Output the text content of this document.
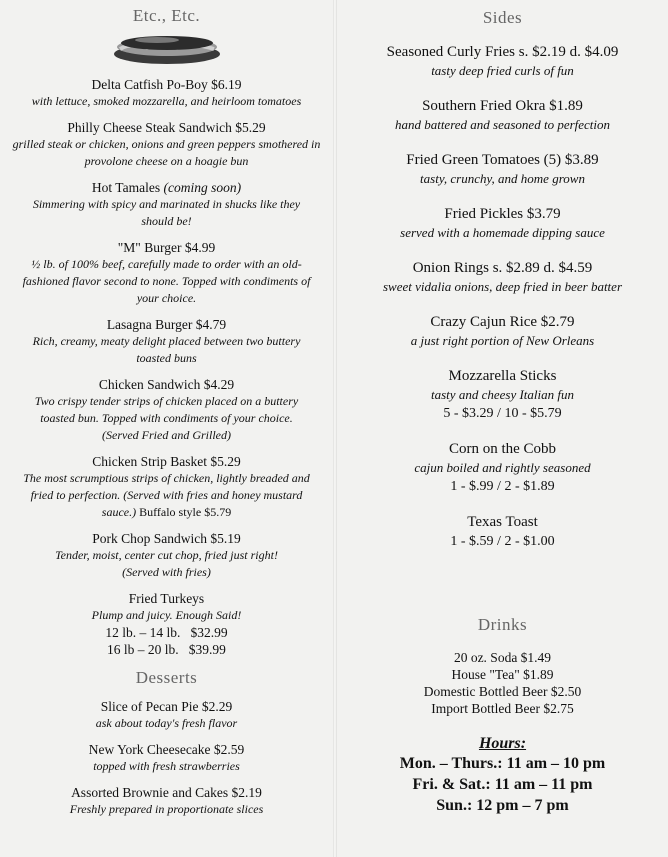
Etc., Etc.
Delta Catfish Po-Boy $6.19
with lettuce, smoked mozzarella, and heirloom tomatoes
Philly Cheese Steak Sandwich $5.29
grilled steak or chicken, onions and green peppers smothered in provolone cheese on a hoagie bun
Hot Tamales (coming soon)
Simmering with spicy and marinated in shucks like they should be!
"M" Burger $4.99
½ lb. of 100% beef, carefully made to order with an old-fashioned flavor second to none. Topped with condiments of your choice.
Lasagna Burger $4.79
Rich, creamy, meaty delight placed between two buttery toasted buns
Chicken Sandwich $4.29
Two crispy tender strips of chicken placed on a buttery toasted bun. Topped with condiments of your choice. (Served Fried and Grilled)
Chicken Strip Basket $5.29
The most scrumptious strips of chicken, lightly breaded and fried to perfection. (Served with fries and honey mustard sauce.) Buffalo style $5.79
Pork Chop Sandwich $5.19
Tender, moist, center cut chop, fried just right! (Served with fries)
Fried Turkeys
Plump and juicy. Enough Said!
12 lb. – 14 lb.   $32.99
16 lb – 20 lb.   $39.99
Desserts
Slice of Pecan Pie $2.29
ask about today's fresh flavor
New York Cheesecake $2.59
topped with fresh strawberries
Assorted Brownie and Cakes $2.19
Freshly prepared in proportionate slices
Sides
Seasoned Curly Fries s. $2.19 d. $4.09
tasty deep fried curls of fun
Southern Fried Okra $1.89
hand battered and seasoned to perfection
Fried Green Tomatoes (5) $3.89
tasty, crunchy, and home grown
Fried Pickles $3.79
served with a homemade dipping sauce
Onion Rings s. $2.89 d. $4.59
sweet vidalia onions, deep fried in beer batter
Crazy Cajun Rice $2.79
a just right portion of New Orleans
Mozzarella Sticks
tasty and cheesy Italian fun
5 - $3.29 / 10 - $5.79
Corn on the Cobb
cajun boiled and rightly seasoned
1 - $.99 / 2 - $1.89
Texas Toast
1 - $.59 / 2 - $1.00
Drinks
20 oz. Soda $1.49
House "Tea" $1.89
Domestic Bottled Beer $2.50
Import Bottled Beer $2.75
Hours:
Mon. – Thurs.: 11 am – 10 pm
Fri. & Sat.: 11 am – 11 pm
Sun.: 12 pm – 7 pm
